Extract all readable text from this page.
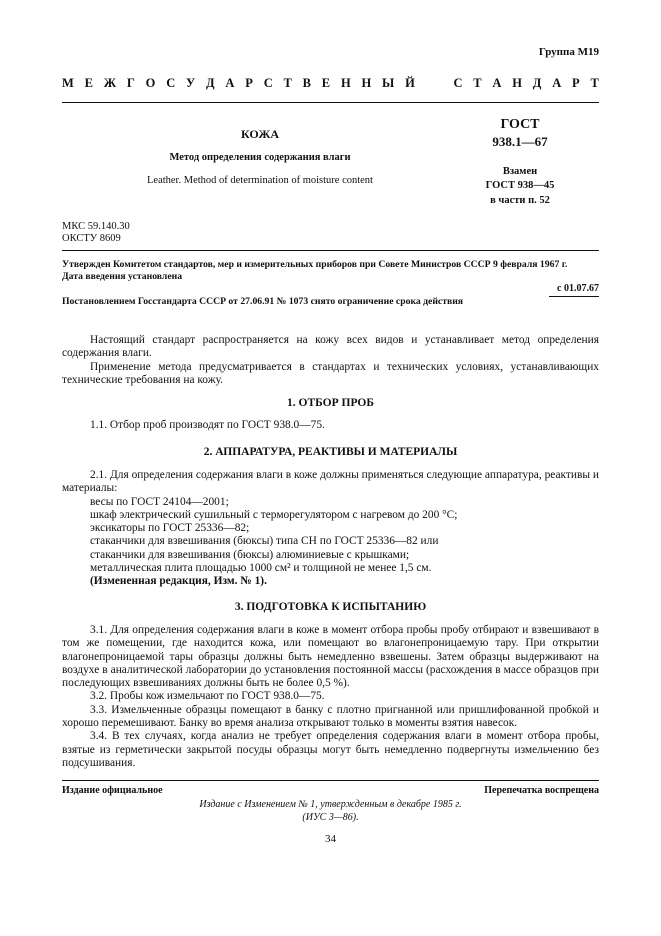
Группа М19
М Е Ж Г О С У Д А Р С Т В Е Н Н Ы Й

	С Т А Н Д А Р Т
КОЖА
Метод определения содержания влаги
Leather. Method of determination of moisture content
ГОСТ
938.1—67
Взамен
ГОСТ 938—45
в части п. 52
МКС 59.140.30
ОКСТУ 8609
Утвержден Комитетом стандартов, мер и измерительных приборов при Совете Министров СССР 9 февраля 1967 г.
Дата введения установлена
с 01.07.67
Постановлением Госстандарта СССР от 27.06.91 № 1073 снято ограничение срока действия

Настоящий стандарт распространяется на кожу всех видов и устанавливает метод определения содержания влаги.

Применение метода предусматривается в стандартах и технических условиях, устанавливающих технические требования на кожу.

1. ОТБОР ПРОБ

1.1. Отбор проб производят по ГОСТ 938.0—75.

2. АППАРАТУРА, РЕАКТИВЫ И МАТЕРИАЛЫ

2.1. Для определения содержания влаги в коже должны применяться следующие аппаратура, реактивы и материалы:

весы по ГОСТ 24104—2001;

шкаф электрический сушильный с терморегулятором с нагревом до 200 °С;

эксикаторы по ГОСТ 25336—82;

стаканчики для взвешивания (бюксы) типа СН по ГОСТ 25336—82 или

стаканчики для взвешивания (бюксы) алюминиевые с крышками;

металлическая плита площадью 1000 см² и толщиной не менее 1,5 см.

(Измененная редакция, Изм. № 1).

3. ПОДГОТОВКА К ИСПЫТАНИЮ

3.1. Для определения содержания влаги в коже в момент отбора пробы пробу отбирают и взвешивают в том же помещении, где находится кожа, или помещают во влагонепроницаемую тару. При открытии влагонепроницаемой тары образцы должны быть немедленно взвешены. Затем образцы выдерживают на воздухе в аналитической лаборатории до установления постоянной массы (расхождения в массе образцов при последующих взвешиваниях должны быть не более 0,5 %).

3.2. Пробы кож измельчают по ГОСТ 938.0—75.

3.3. Измельченные образцы помещают в банку с плотно пригнанной или пришлифованной пробкой и хорошо перемешивают. Банку во время анализа открывают только в моменты взятия навесок.

3.4. В тех случаях, когда анализ не требует определения содержания влаги в момент отбора пробы, взятые из герметически закрытой посуды образцы могут быть немедленно подвергнуты измельчению без подсушивания.

Издание официальное	Перепечатка воспрещена
Издание с Изменением № 1, утвержденным в декабре 1985 г.
(ИУС 3—86).
34
